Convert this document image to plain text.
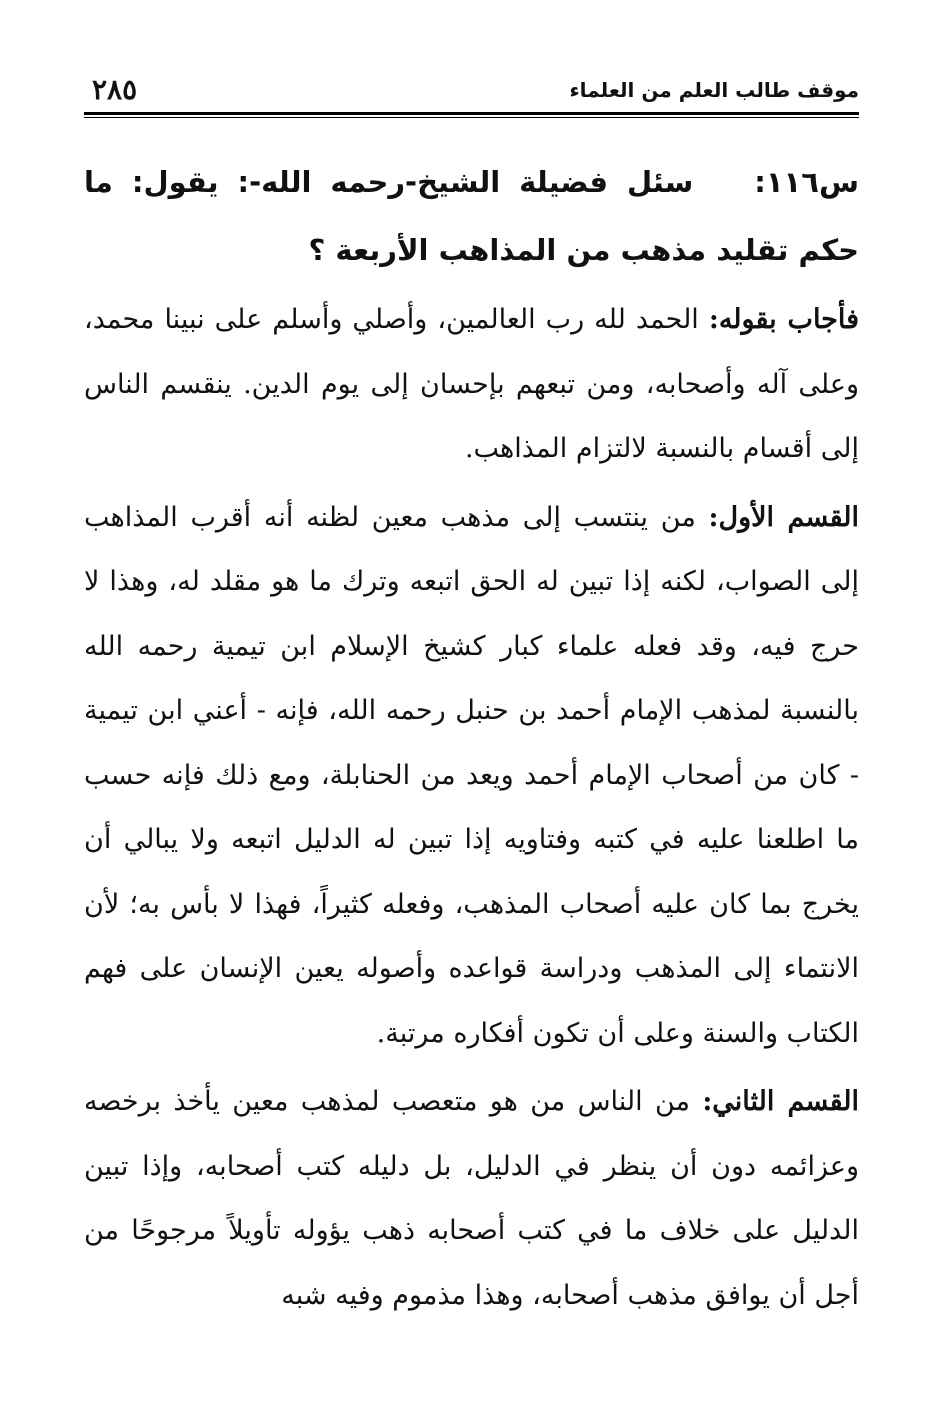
موقف طالب العلم من العلماء
٢٨٥

س١١٦: سئل فضيلة الشيخ-رحمه الله-: يقول: ما حكم تقليد مذهب من المذاهب الأربعة ؟

فأجاب بقوله: الحمد لله رب العالمين، وأصلي وأسلم على نبينا محمد، وعلى آله وأصحابه، ومن تبعهم بإحسان إلى يوم الدين. ينقسم الناس إلى أقسام بالنسبة لالتزام المذاهب.

القسم الأول: من ينتسب إلى مذهب معين لظنه أنه أقرب المذاهب إلى الصواب، لكنه إذا تبين له الحق اتبعه وترك ما هو مقلد له، وهذا لا حرج فيه، وقد فعله علماء كبار كشيخ الإسلام ابن تيمية رحمه الله بالنسبة لمذهب الإمام أحمد بن حنبل رحمه الله، فإنه - أعني ابن تيمية - كان من أصحاب الإمام أحمد ويعد من الحنابلة، ومع ذلك فإنه حسب ما اطلعنا عليه في كتبه وفتاويه إذا تبين له الدليل اتبعه ولا يبالي أن يخرج بما كان عليه أصحاب المذهب، وفعله كثيراً، فهذا لا بأس به؛ لأن الانتماء إلى المذهب ودراسة قواعده وأصوله يعين الإنسان على فهم الكتاب والسنة وعلى أن تكون أفكاره مرتبة.

القسم الثاني: من الناس من هو متعصب لمذهب معين يأخذ برخصه وعزائمه دون أن ينظر في الدليل، بل دليله كتب أصحابه، وإذا تبين الدليل على خلاف ما في كتب أصحابه ذهب يؤوله تأويلاً مرجوحًا من أجل أن يوافق مذهب أصحابه، وهذا مذموم وفيه شبه
